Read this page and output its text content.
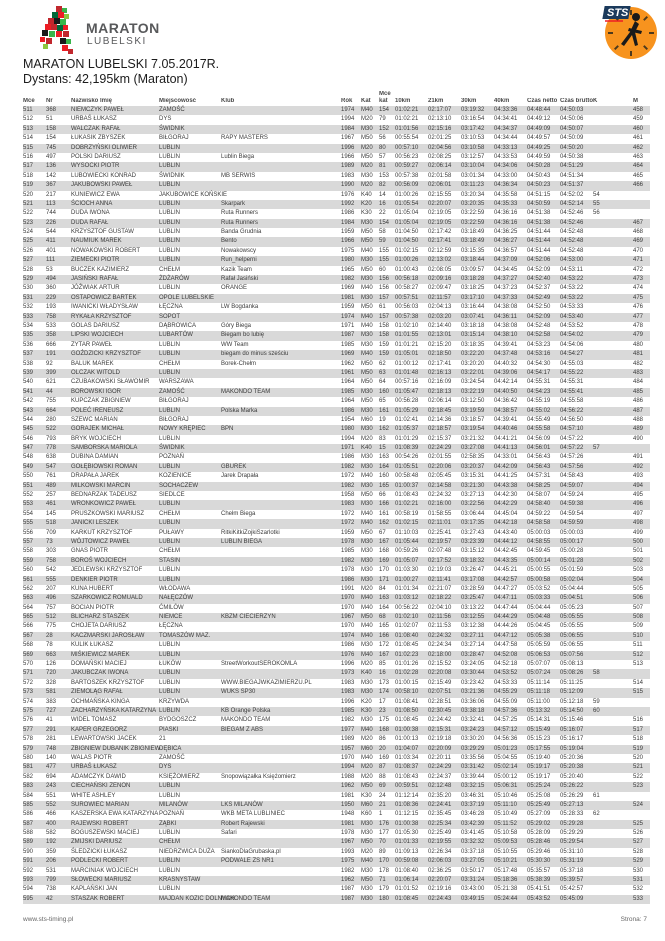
MARATON
LUBELSKI
STS
MARATON LUBELSKI 7.05.2017R.
Dystans: 42,195km (Maraton)
Mce	Nr	Nazwisko Imię	Miejscowość	Klub	Rok	Kat
Mce kat	10km	21km	30km	40km	Czas netto Czas brutto K	M
511	368	NIEMCZYK PAWEŁ	ZAMOŚĆ	1974	M40	154 01:02:21	02:17:07	03:19:32	04:33:36	04:48:44	04:50:03	458
512	51	URBAŚ ŁUKASZ	DYS	1994	M20	79	01:02:21	02:13:10	03:16:54	04:34:41	04:49:12	04:50:06	459
513	158	WALCZAK RAFAŁ	ŚWIDNIK	1984	M30	152 01:01:56	02:15:16	03:17:42	04:34:37	04:49:09	04:50:07	460
514	154	ŁUKASIK ZBYSZEK	BIŁGORAJ	RAPY MASTERS	1967	M50	56	00:55:54	02:01:25	03:10:53	04:34:44	04:49:57	04:50:09	461
515	745	DOBRZYŃSKI OLIWIER	LUBLIN	1996	M20	80	00:57:10	02:04:56	03:10:58	04:33:13	04:49:25	04:50:20	462
516	497	POLSKI DARIUSZ	LUBLIN	Lublin Biega	1966	M50	57	00:56:23	02:08:25	03:12:57	04:33:53	04:49:59	04:50:38	463
517	136	WYSOCKI PIOTR	LUBLIN	1989	M20	81	00:59:27	02:06:14	03:10:04	04:34:06	04:50:28	04:51:29	464
518	142	LUBOWIECKI KONRAD	ŚWIDNIK	MB SERWIS	1983	M30	153 00:57:38	02:01:58	03:01:34	04:33:00	04:50:43	04:51:34	465
519	367	JAKUBOWSKI PAWEŁ	LUBLIN	1990	M20	82	00:56:09	02:06:01	03:11:23	04:36:34	04:50:23	04:51:37	466
520	217	KUNIEWICZ EWA	JAKUBOWICE KOŃSKIE	1976	K40	14	01:00:26	02:15:55	03:20:34	04:35:58	04:51:15	04:52:02	54
521	113	ŚCIOCH ANNA	LUBLIN	Skarpark	1992	K20	16	01:05:54	02:20:07	03:20:35	04:35:33	04:50:59	04:52:14	55
522	744	DUDA IWONA	LUBLIN	Ruta Runners	1986	K30	22	01:05:04	02:19:05	03:22:59	04:36:16	04:51:38	04:52:46	56
523	226	DUDA RAFAŁ	LUBLIN	Ruta Runners	1984	M30	154 01:05:04	02:19:05	03:22:59	04:36:16	04:51:38	04:52:46	467
524	544	KRZYSZTOF GUSTAW	LUBLIN	Banda Grudnia	1959	M50	58	01:04:50	02:17:42	03:18:49	04:36:25	04:51:44	04:52:48	468
525	411	NAUMIUK MAREK	LUBLIN	Bento	1966	M50	59	01:04:50	02:17:41	03:18:49	04:36:27	04:51:44	04:52:48	469
526	401	NOWAKOWSKI ROBERT	LUBLIN	Nowakowscy	1975	M40	155 01:02:15	02:12:59	03:15:35	04:36:57	04:51:44	04:52:48	470
527	111	ZIEMECKI PIOTR	LUBLIN	Run_helperni	1980	M30	155 01:00:26	02:13:02	03:18:44	04:37:09	04:52:06	04:53:00	471
528	53	BUCZEK KAZIMIERZ	CHEŁM	Kazik Team	1965	M50	60	01:00:43	02:08:05	03:09:57	04:34:45	04:52:09	04:53:11	472
529	494	JASIŃSKI RAFAŁ	ŻDŻARÓW	Rafał Jasiński	1982	M30	156 00:56:18	02:09:16	03:18:28	04:37:27	04:52:40	04:53:22	473
530	360	JÓŹWIAK ARTUR	LUBLIN	ORANGE	1969	M40	156 00:58:27	02:09:47	03:18:25	04:37:23	04:52:37	04:53:22	474
531	229	OSTAPOWICZ BARTEK	OPOLE LUBELSKIE	1981	M30	157 00:57:51	02:11:57	03:17:10	04:37:33	04:52:49	04:53:22	475
532	193	IWANICKI WŁADYSŁAW	ŁĘCZNA	LW Bogdanka	1959	M50	61	00:56:03	02:04:13	03:16:44	04:38:08	04:52:50	04:53:33	476
533	758	RYKAŁA KRZYSZTOF	SOPOT	1974	M40	157 00:57:38	02:03:20	03:07:41	04:36:11	04:52:09	04:53:40	477
534	533	GOLAS DARIUSZ	DĄBROWICA	Góry Biega	1971	M40	158 01:02:10	02:14:40	03:18:18	04:38:08	04:52:48	04:53:52	478
535	358	LIPSKI WOJCIECH	LUBARTÓW	Biegam bo lubię	1987	M30	158 01:01:55	02:13:01	03:15:14	04:38:10	04:52:58	04:54:02	479
536	666	ZYTAR PAWEŁ	LUBLIN	WW Team	1985	M30	159 01:01:21	02:15:20	03:18:35	04:39:41	04:53:23	04:54:06	480
537	191	GOŹDZICKI KRZYSZTOF	LUBLIN	biegam do minus sześciu	1969	M40	159 01:05:01	02:18:50	03:22:20	04:37:48	04:53:16	04:54:27	481
538	92	BALUK MAREK	CHEŁM	Borek-Chełm	1962	M50	62	01:00:12	02:17:41	03:20:20	04:40:32	04:54:30	04:55:03	482
539	399	OLCZAK WITOLD	LUBLIN	1961	M50	63	01:01:48	02:16:13	03:22:01	04:39:06	04:54:17	04:55:22	483
540	621	CZUBAKOWSKI SŁAWOMIR	WARSZAWA	1964	M50	64	00:57:16	02:16:09	03:24:54	04:42:14	04:55:31	04:55:31	484
541	44	BOROWSKI IGOR	ZAMOŚĆ	MAKONDO TEAM	1985	M30	160 01:05:47	02:18:13	03:22:19	04:40:50	04:54:23	04:55:41	485
542	755	KUPCZAK ZBIGNIEW	BIŁGORAJ	1964	M50	65	00:56:28	02:06:14	03:12:50	04:36:42	04:55:19	04:55:58	486
543	664	POLEĆ IRENEUSZ	LUBLIN	Polska Marka	1986	M30	161 01:05:29	02:18:45	03:19:59	04:38:57	04:55:02	04:56:22	487
544	280	SZEWC MARIAN	BIŁGORAJ	1954	M60	19	01:02:41	02:14:36	03:18:57	04:39:41	04:55:49	04:56:50	488
545	522	GORAJEK MICHAŁ	NOWY KRĘPIEC	BPN	1980	M30	162 01:05:37	02:18:57	03:19:54	04:40:46	04:55:58	04:57:10	489
546	793	BRYK WOJCIECH	LUBLIN	1994	M20	83	01:01:29	02:15:37	03:21:32	04:41:21	04:56:09	04:57:22	490
547	778	SAMBORSKA MARIOLA	ŚWIDNIK	1971	K40	15	01:08:39	02:24:29	03:27:08	04:41:13	04:56:01	04:57:22	57
548	638	DUBINA DAMIAN	POZNAŃ	1986	M30	163 00:54:26	02:01:55	02:58:35	04:33:01	04:56:43	04:57:26	491
549	547	GOŁĘBIOWSKI ROMAN	LUBLIN	GBUREK	1982	M30	164 01:05:51	02:20:06	03:20:37	04:42:09	04:56:43	04:57:56	492
550	761	DRAPAŁA JAREK	KOZIENICE	Jarek Drapała	1972	M40	160 00:58:48	02:05:45	03:15:31	04:41:25	04:57:31	04:58:43	493
551	489	MILKOWSKI MARCIN	SOCHACZEW	1982	M30	165 01:00:37	02:14:58	03:21:30	04:43:38	04:58:25	04:59:07	494
552	257	BEDNARZAK TADEUSZ	SIEDLCE	1958	M50	66	01:08:43	02:24:32	03:27:13	04:42:30	04:58:07	04:59:24	495
553	461	WRONKOWICZ PAWEŁ	LUBLIN	1983	M30	166 01:02:21	02:16:00	03:22:56	04:42:29	04:58:40	04:59:38	496
554	145	PRUSZKOWSKI MARIUSZ	CHEŁM	Chełm Biega	1972	M40	161 00:58:19	01:58:55	03:06:44	04:45:04	04:59:22	04:59:54	497
555	518	JANICKI LESZEK	LUBLIN	1972	M40	162 01:02:15	02:11:01	03:17:35	04:42:18	04:58:58	04:59:59	498
556	709	KARKUT KRZYSZTOF	PUŁAWY	RitkiKitkiZojkiSzarlotki	1959	M50	67	01:10:03	02:25:41	03:27:43	04:43:40	05:00:03	05:00:03	499
557	73	WÓJTOWICZ PAWEŁ	LUBLIN	LUBLIN BIEGA	1978	M30	167 01:05:44	02:19:57	03:23:39	04:44:12	04:58:55	05:00:17	500
558	303	GNAS PIOTR	CHEŁM	1985	M30	168 00:59:26	02:07:48	03:15:12	04:42:45	04:59:45	05:00:28	501
559	758	BOROŚ WOJCIECH	STASIN	1982	M30	169 01:05:07	02:17:52	03:18:32	04:43:35	05:00:14	05:01:28	502
560	542	JEDLEWSKI KRZYSZTOF	LUBLIN	1978	M30	170 01:03:30	02:19:03	03:26:47	04:45:21	05:00:55	05:01:59	503
561	555	DENKIER PIOTR	LUBLIN	1986	M30	171 01:00:27	02:11:41	03:17:08	04:42:57	05:00:58	05:02:04	504
562	207	KUNA HUBERT	WŁODAWA	1991	M20	84	01:01:34	02:21:07	03:28:59	04:47:27	05:03:52	05:04:44	505
563	496	SZARKOWICZ ROMUALD	NAŁĘCZÓW	1970	M40	163 01:03:12	02:18:22	03:25:47	04:47:11	05:03:33	05:04:51	506
564	757	BOCIAN PIOTR	ĆMILÓW	1970	M40	164 00:56:22	02:04:10	03:13:22	04:47:44	05:04:44	05:05:23	507
565	512	BLICHARZ STASZEK	NIEMCE	KBZM CIECIERZYN	1967	M50	68	01:02:10	02:11:56	03:12:55	04:44:29	05:04:48	05:05:55	508
566	775	CHOJETA DARIUSZ	ŁĘCZNA	1970	M40	165 01:02:07	02:11:53	03:12:38	04:44:26	05:04:45	05:05:55	509
567	28	KACZMARSKI JAROSŁAW	TOMASZÓW MAZ.	1974	M40	166 01:08:40	02:24:32	03:27:11	04:47:12	05:05:38	05:06:55	510
568	78	KULIK ŁUKASZ	LUBLIN	1986	M30	172 01:08:45	02:24:34	03:27:14	04:47:58	05:05:59	05:06:55	511
569	663	MIŚKIEWICZ MAREK	LUBLIN	1976	M40	167 01:02:23	02:18:00	03:28:47	04:52:08	05:06:53	05:07:56	512
570	126	DOMAŃSKI MACIEJ	ŁUKÓW	StreetWorkoutSEROKOMLA	1996	M20	85	01:01:26	02:15:52	03:24:05	04:52:18	05:07:07	05:08:13	513
571	720	JAKUBCZAK IWONA	LUBLIN	1973	K40	16	01:02:28	02:20:08	03:30:44	04:53:52	05:07:24	05:08:26	58
572	328	BARTOSZEK KRZYSZTOF	LUBLIN	WWW.BIEGAJWKAZIMIERZU.PL	1983	M30	173 01:00:15	02:15:49	03:23:42	04:53:33	05:11:14	05:11:25	514
573	581	ZIEMOLĄG RAFAŁ	LUBLIN	WUKS SP30	1983	M30	174 00:58:10	02:07:51	03:21:36	04:55:29	05:11:18	05:12:09	515
574	383	OCHMAŃSKA KINGA	KRZYWDA	1996	K20	17	01:08:41	02:28:51	03:36:06	04:55:09	05:11:00	05:12:18	59
575	727	ZACHARZYŃSKA KATARZYNA LUBLIN	KB Orange Polska	1985	K30	23	01:08:50	02:30:45	03:38:18	04:57:36	05:13:32	05:14:50	60
576	41	WIDEL TOMASZ	BYDGOSZCZ	MAKONDO TEAM	1982	M30	175 01:08:45	02:24:42	03:32:41	04:57:25	05:14:31	05:15:46	516
577	291	KAPER GRZEGORZ	PIASKI	BIEGAM Z ABS	1977	M40	168 01:00:38	02:15:31	03:24:23	04:57:12	05:15:49	05:16:07	517
578	281	LEWARTOWSKI JACEK	21	1989	M20	86	01:00:13	02:19:18	03:30:20	04:56:36	05:15:23	05:16:17	518
579	748	ZBIGNIEW DUBANIK ZBIGNIEW
DĘBICA	1957	M60	20	01:04:07	02:20:09	03:29:29	05:01:23	05:17:55	05:19:04	519
580	140	WALAS PIOTR	ZAMOŚĆ	1970	M40	169 01:03:34	02:20:11	03:35:56	05:04:55	05:19:40	05:20:36	520
581	477	URBAŚ ŁUKASZ	DYS	1994	M20	87	01:08:37	02:24:29	03:31:42	05:02:14	05:19:17	05:20:38	521
582	694	ADAMCZYK DAWID	KSIĘŻOMIERZ	Snopowiązałka Księżomierz	1988	M20	88	01:08:43	02:24:37	03:39:44	05:00:12	05:19:17	05:20:40	522
583	243	CIECHAŃSKI ZENON	LUBLIN	1962	M50	69	00:59:51	02:12:48	03:32:15	05:06:31	05:25:24	05:26:22	523
584	551	WHITE ASHLEY	LUBLIN	1981	K30	24	01:12:14	02:35:20	03:46:31	05:10:46	05:25:08	05:26:29	61
585	552	SUROWIEC MARIAN	MILANÓW	LKS MILANÓW	1950	M60	21	01:08:36	02:24:41	03:37:19	05:11:10	05:25:49	05:27:13	524
586	466	KASZERSKA EWA KATARZYNA POZNAŃ	WKB META LUBLINIEC	1948	K60	1	01:12:15	02:35:45	03:46:28	05:10:49	05:27:09	05:28:33	62
587	400	RAJEWSKI ROBERT	ZĄBKI	Robert Rajewski	1981	M30	176 01:00:38	02:25:34	03:42:39	05:11:52	05:29:02	05:29:28	525
588	582	BOGUSZEWSKI MACIEJ	LUBLIN	Safari	1978	M30	177 01:05:30	02:25:49	03:41:45	05:10:58	05:28:09	05:29:29	526
589	192	ZMIJSKI DARIUSZ	CHEŁM	1967	M50	70	01:01:33	02:19:55	03:32:32	05:09:53	05:28:46	05:29:54	527
590	359	ŚLEDZICKI ŁUKASZ	NIEDRZWICA DUŻA	SiankoDlaGrubaska.pl	1993	M20	89	01:09:13	02:26:34	03:37:18	05:10:55	05:29:46	05:31:10	528
591	206	PODLECKI ROBERT	LUBLIN	PODWALE ZS NR1	1975	M40	170 00:59:08	02:06:03	03:27:05	05:10:21	05:30:30	05:31:19	529
592	531	MARCINIAK WOJCIECH	LUBLIN	1982	M30	178 01:08:40	02:36:25	03:50:17	05:17:48	05:35:57	05:37:18	530
593	799	SŁOWECKI MARIUSZ	KRASNYSTAW	1962	M50	71	01:06:14	02:20:07	03:31:24	05:18:36	05:38:39	05:39:57	531
594	738	KAPLAŃSKI JAN	LUBLIN	1987	M30	179 01:01:52	02:19:16	03:43:00	05:21:38	05:41:51	05:42:57	532
595	42	STASZAK ROBERT	MAJDAN KOZIC DOLNYCH
MAKONDO TEAM	1987	M30	180 01:08:45	02:24:43	03:49:15	05:24:44	05:43:52	05:45:09	533
www.sts-timing.pl	Strona: 7
